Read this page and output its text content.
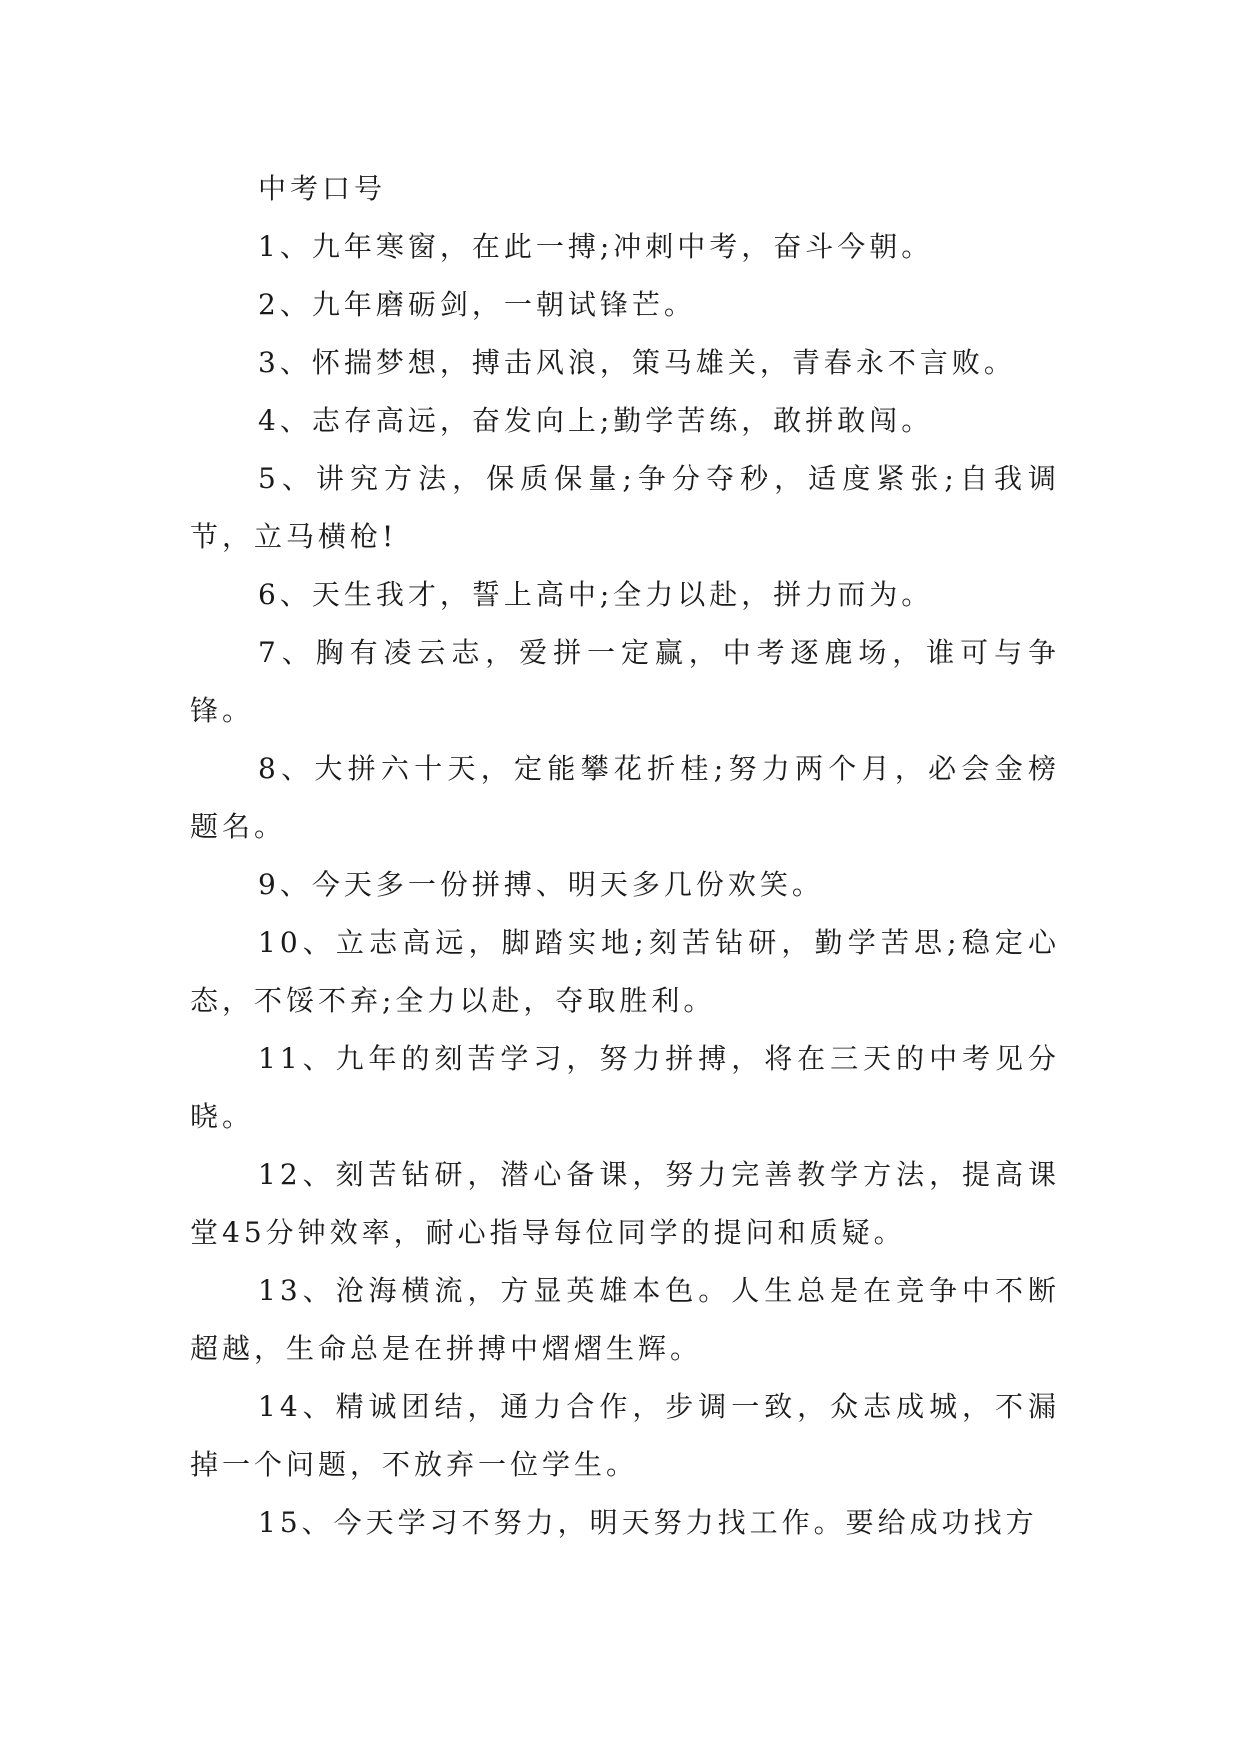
中考口号

1、九年寒窗，在此一搏;冲刺中考，奋斗今朝。

2、九年磨砺剑，一朝试锋芒。

3、怀揣梦想，搏击风浪，策马雄关，青春永不言败。

4、志存高远，奋发向上;勤学苦练，敢拼敢闯。

5、讲究方法，保质保量;争分夺秒，适度紧张;自我调节，立马横枪!

6、天生我才，誓上高中;全力以赴，拼力而为。

7、胸有凌云志，爱拼一定赢，中考逐鹿场，谁可与争锋。

8、大拼六十天，定能攀花折桂;努力两个月，必会金榜题名。

9、今天多一份拼搏、明天多几份欢笑。

10、立志高远，脚踏实地;刻苦钻研，勤学苦思;稳定心态，不馁不弃;全力以赴，夺取胜利。

11、九年的刻苦学习，努力拼搏，将在三天的中考见分晓。

12、刻苦钻研，潜心备课，努力完善教学方法，提高课堂45分钟效率，耐心指导每位同学的提问和质疑。

13、沧海横流，方显英雄本色。人生总是在竞争中不断超越，生命总是在拼搏中熠熠生辉。

14、精诚团结，通力合作，步调一致，众志成城，不漏掉一个问题，不放弃一位学生。

15、今天学习不努力，明天努力找工作。要给成功找方
